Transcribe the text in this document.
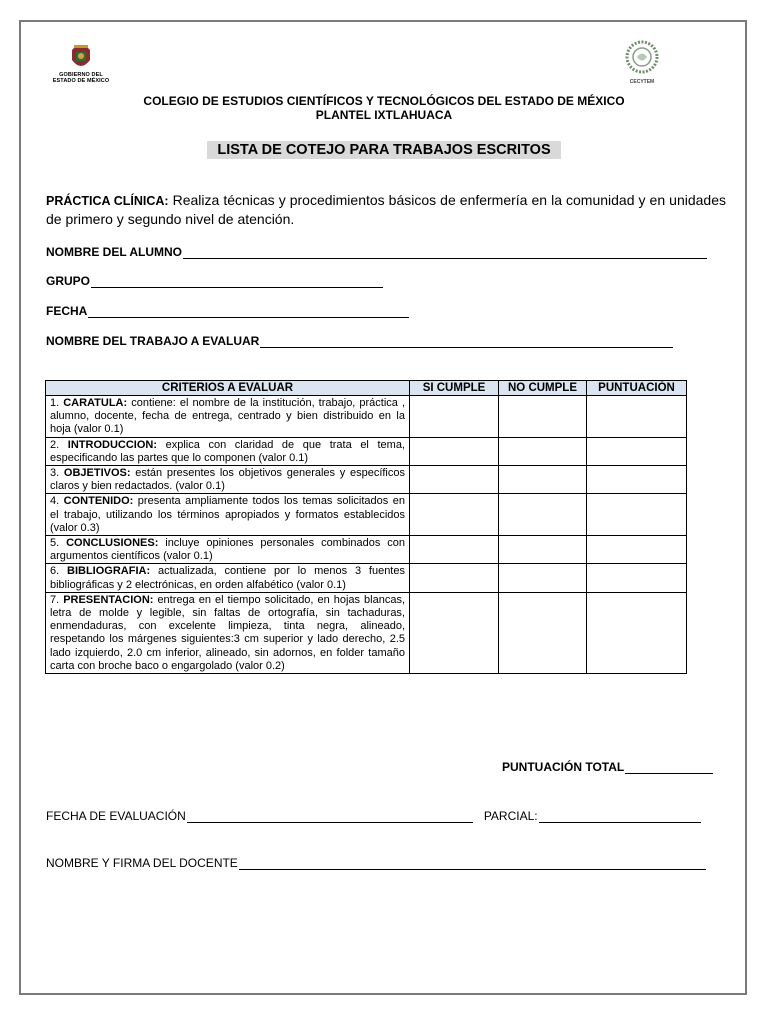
GOBIERNO DEL
ESTADO DE MÉXICO	CECYTEM
COLEGIO DE ESTUDIOS CIENTÍFICOS Y TECNOLÓGICOS DEL ESTADO DE MÉXICO
PLANTEL IXTLAHUACA
LISTA DE COTEJO PARA TRABAJOS ESCRITOS
PRÁCTICA CLÍNICA: Realiza técnicas y procedimientos básicos de enfermería en la comunidad y en unidades de primero y segundo nivel de atención.
NOMBRE DEL ALUMNO
GRUPO
FECHA
NOMBRE DEL TRABAJO A EVALUAR
CRITERIOS A EVALUAR	SI CUMPLE	NO CUMPLE	PUNTUACIÓN
1. CARATULA: contiene: el nombre de la institución, trabajo, práctica , alumno, docente, fecha de entrega, centrado y bien distribuido en la hoja (valor 0.1)			
2. INTRODUCCION: explica con claridad de que trata el tema, especificando las partes que lo componen (valor 0.1)			
3. OBJETIVOS: están presentes los objetivos generales y específicos claros y bien redactados. (valor 0.1)			
4. CONTENIDO: presenta ampliamente todos los temas solicitados en el trabajo, utilizando los términos apropiados y formatos establecidos (valor 0.3)			
5. CONCLUSIONES: incluye opiniones personales combinados con argumentos científicos (valor 0.1)			
6. BIBLIOGRAFIA: actualizada, contiene por lo menos 3 fuentes bibliográficas y 2 electrónicas, en orden alfabético (valor 0.1)			
7. PRESENTACION: entrega en el tiempo solicitado, en hojas blancas, letra de molde y legible, sin faltas de ortografía, sin tachaduras, enmendaduras, con excelente limpieza, tinta negra, alineado, respetando los márgenes siguientes:3 cm superior y lado derecho, 2.5 lado izquierdo, 2.0 cm inferior, alineado, sin adornos, en folder tamaño carta con broche baco o engargolado (valor 0.2)			
PUNTUACIÓN TOTAL
FECHA DE EVALUACIÓN	PARCIAL:
NOMBRE Y FIRMA DEL DOCENTE
